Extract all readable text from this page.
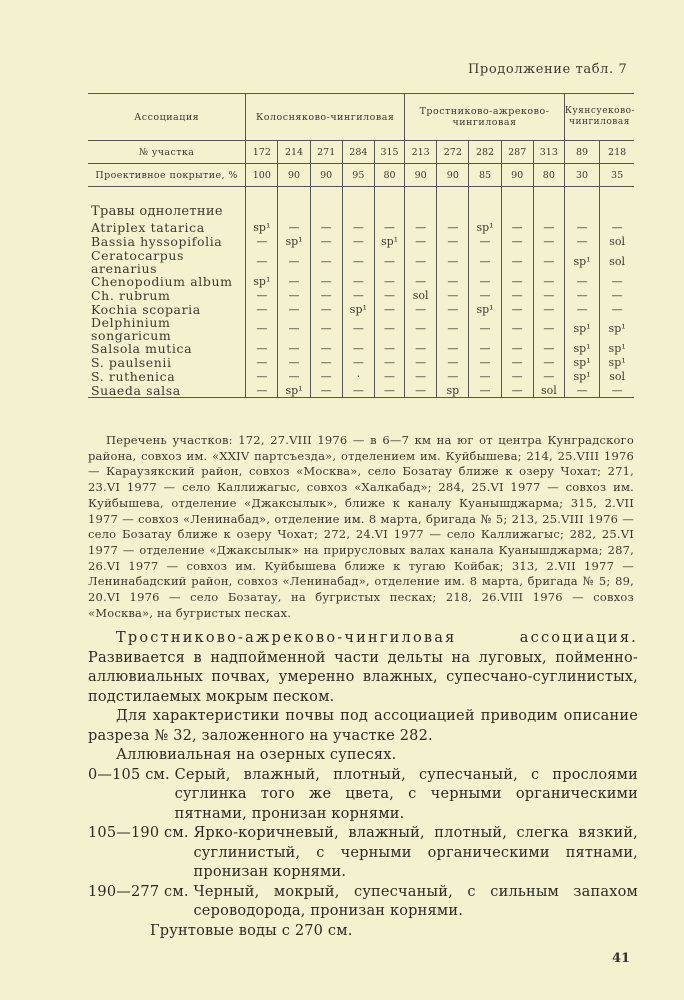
Продолжение табл. 7
Ассоциация	Колосняково-чингиловая					Тростниково-ажреково-чингиловая					Куянсуеково-чингиловая	
№ участка	172	214	271	284	315	213	272	282	287	313	89	218
Проективное покрытие, %	100	90	90	95	80	90	90	85	90	80	30	35
Травы однолетние												
Atriplex tatarica	sp¹	—	—	—	—	—	—	sp¹	—	—	—	—
Bassia hyssopifolia	—	sp¹	—	—	sp¹	—	—	—	—	—	—	sol
Ceratocarpus arenarius	—	—	—	—	—	—	—	—	—	—	sp¹	sol
Chenopodium album	sp¹	—	—	—	—	—	—	—	—	—	—	—
Ch. rubrum	—	—	—	—	—	sol	—	—	—	—	—	—
Kochia scoparia	—	—	—	sp¹	—	—	—	sp¹	—	—	—	—
Delphinium songaricum	—	—	—	—	—	—	—	—	—	—	sp¹	sp¹
Salsola mutica	—	—	—	—	—	—	—	—	—	—	sp¹	sp¹
S. paulsenii	—	—	—	—	—	—	—	—	—	—	sp¹	sp¹
S. ruthenica	—	—	—	·	—	—	—	—	—	—	sp¹	sol
Suaeda salsa	—	sp¹	—	—	—	—	sp	—	—	sol	—	—
Перечень участков: 172, 27.VIII 1976 — в 6—7 км на юг от центра Кунградского района, совхоз им. «XXIV партсъезда», отделением им. Куйбышева; 214, 25.VIII 1976 — Караузякский район, совхоз «Москва», село Бозатау ближе к озеру Чохат; 271, 23.VI 1977 — село Каллижагыс, совхоз «Халкабад»; 284, 25.VI 1977 — совхоз им. Куйбышева, отделение «Джаксылык», ближе к каналу Куанышджарма; 315, 2.VII 1977 — совхоз «Ленинабад», отделение им. 8 марта, бригада № 5; 213, 25.VIII 1976 — село Бозатау ближе к озеру Чохат; 272, 24.VI 1977 — село Каллижагыс; 282, 25.VI 1977 — отделение «Джаксылык» на прирусловых валах канала Куанышджарма; 287, 26.VI 1977 — совхоз им. Куйбышева ближе к тугаю Койбак; 313, 2.VII 1977 — Ленинабадский район, совхоз «Ленинабад», отделение им. 8 марта, бригада № 5; 89, 20.VI 1976 — село Бозатау, на бугристых песках; 218, 26.VIII 1976 — совхоз «Москва», на бугристых песках.

Тростниково-ажреково-чингиловая ассоциация. Развивается в надпойменной части дельты на луговых, пойменно-аллювиальных почвах, умеренно влажных, супесчано-суглинистых, подстилаемых мокрым песком.

Для характеристики почвы под ассоциацией приводим описание разреза № 32, заложенного на участке 282.

Аллювиальная на озерных супесях.

0—105 см.
Серый, влажный, плотный, супесчаный, с прослоями суглинка того же цвета, с черными органическими пятнами, пронизан корнями.
105—190 см.
Ярко-коричневый, влажный, плотный, слегка вязкий, суглинистый, с черными органическими пятнами, пронизан корнями.
190—277 см.
Черный, мокрый, супесчаный, с сильным запахом сероводорода, пронизан корнями.

Грунтовые воды с 270 см.

41
